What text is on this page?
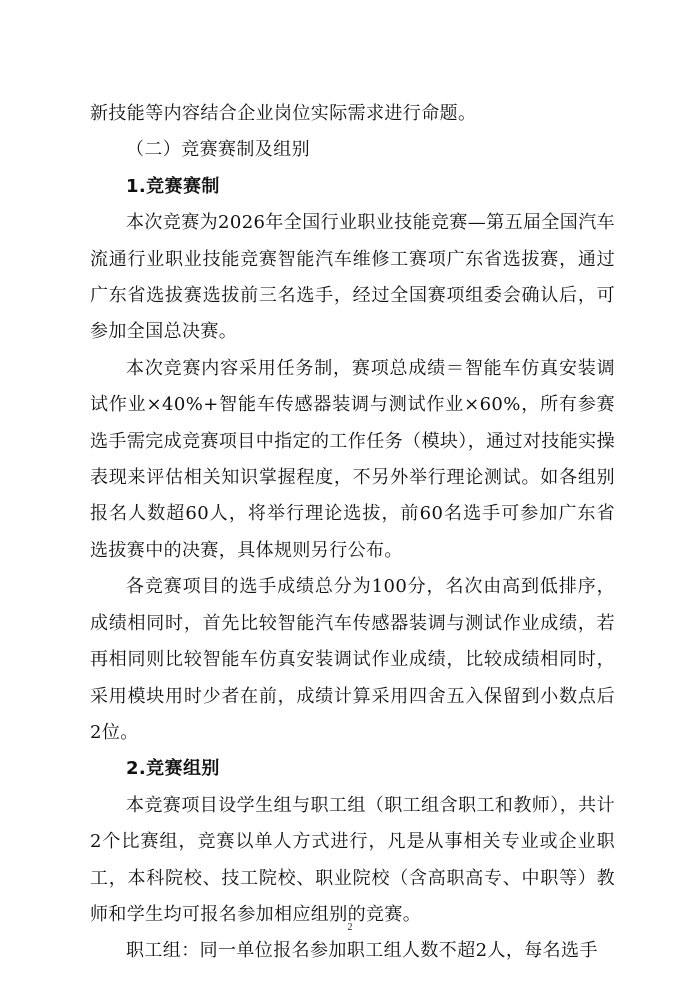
新技能等内容结合企业岗位实际需求进行命题。

（二）竞赛赛制及组别

1.竞赛赛制

本次竞赛为2026年全国行业职业技能竞赛—第五届全国汽车流通行业职业技能竞赛智能汽车维修工赛项广东省选拔赛，通过广东省选拔赛选拔前三名选手，经过全国赛项组委会确认后，可参加全国总决赛。

本次竞赛内容采用任务制，赛项总成绩＝智能车仿真安装调试作业×40%+智能车传感器装调与测试作业×60%，所有参赛选手需完成竞赛项目中指定的工作任务（模块），通过对技能实操表现来评估相关知识掌握程度，不另外举行理论测试。如各组别报名人数超60人，将举行理论选拔，前60名选手可参加广东省选拔赛中的决赛，具体规则另行公布。

各竞赛项目的选手成绩总分为100分，名次由高到低排序，成绩相同时，首先比较智能汽车传感器装调与测试作业成绩，若再相同则比较智能车仿真安装调试作业成绩，比较成绩相同时，采用模块用时少者在前，成绩计算采用四舍五入保留到小数点后2位。

2.竞赛组别

本竞赛项目设学生组与职工组（职工组含职工和教师），共计2个比赛组，竞赛以单人方式进行，凡是从事相关专业或企业职工，本科院校、技工院校、职业院校（含高职高专、中职等）教师和学生均可报名参加相应组别的竞赛。

职工组：同一单位报名参加职工组人数不超2人，每名选手

2
